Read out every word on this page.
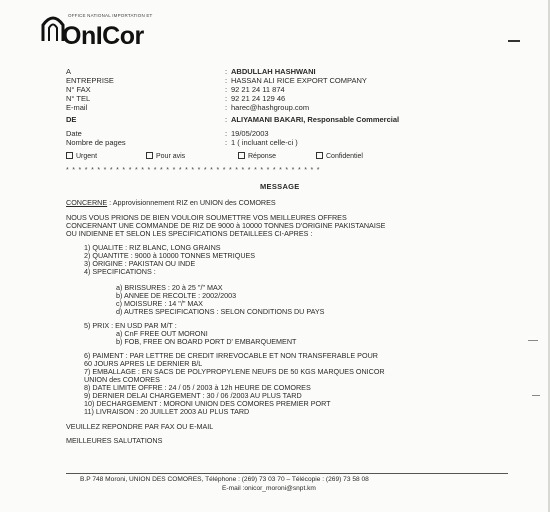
OFFICE NATIONAL IMPORTATION ET
OnICor
A	: ABDULLAH HASHWANI
ENTREPRISE	: HASSAN ALI RICE EXPORT COMPANY
N° FAX	: 92 21 24 11 874
N° TEL	: 92 21 24 129 46
E-mail	: harec@hashgroup.com
DE	: ALIYAMANI BAKARI, Responsable Commercial
Date	: 19/05/2003
Nombre de pages	: 1 ( incluant celle-ci )
Urgent	Pour avis	Réponse	Confidentiel
* * * * * * * * * * * * * * * * * * * * * * * * * * * * * * * * * * * * * * * * *
MESSAGE
CONCERNE : Approvisionnement RIZ en UNION des COMORES
NOUS VOUS PRIONS DE BIEN VOULOIR SOUMETTRE VOS MEILLEURES OFFRES
CONCERNANT UNE COMMANDE DE RIZ DE 9000 à 10000 TONNES D'ORIGINE PAKISTANAISE
OU INDIENNE ET SELON LES SPECIFICATIONS DETAILLEES CI-APRES :
1) QUALITE : RIZ BLANC, LONG GRAINS
2) QUANTITE : 9000 à 10000 TONNES METRIQUES
3) ORIGINE : PAKISTAN OU INDE
4) SPECIFICATIONS :
a) BRISSURES : 20 à 25 "/" MAX
b) ANNEE DE RECOLTE : 2002/2003
c) MOISSURE : 14 "/" MAX
d) AUTRES SPECIFICATIONS : SELON CONDITIONS DU PAYS
5) PRIX : EN USD PAR M/T :
a) CnF FREE OUT MORONI
b) FOB, FREE ON BOARD PORT D' EMBARQUEMENT
6) PAIMENT : PAR LETTRE DE CREDIT IRREVOCABLE ET NON TRANSFERABLE POUR
60 JOURS APRES LE DERNIER B/L
7) EMBALLAGE : EN SACS DE POLYPROPYLENE NEUFS DE 50 KGS MARQUES ONICOR
UNION des COMORES
8) DATE LIMITE OFFRE : 24 / 05 / 2003 à 12h HEURE DE COMORES
9) DERNIER DELAI CHARGEMENT : 30 / 06 /2003 AU PLUS TARD
10) DECHARGEMENT : MORONI UNION DES COMORES PREMIER PORT
11) LIVRAISON : 20 JUILLET 2003 AU PLUS TARD
VEUILLEZ REPONDRE PAR FAX OU E-MAIL
MEILLEURES SALUTATIONS
B.P 748 Moroni, UNION DES COMORES, Téléphone : (269) 73 03 70 – Télécopie : (269) 73 58 08
E-mail :onicor_moroni@snpt.km
